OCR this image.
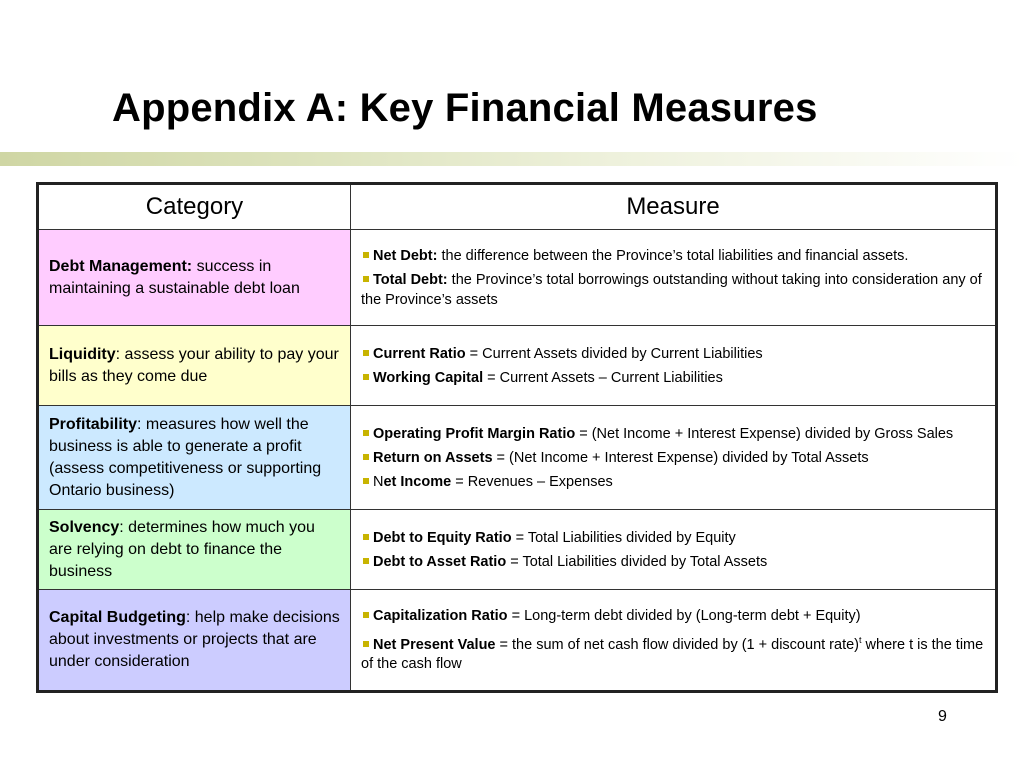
Appendix A: Key Financial Measures
Category	Measure
Debt Management: success in maintaining a sustainable debt loan	Net Debt: the difference between the Province’s total liabilities and financial assets.
Total Debt: the Province’s total borrowings outstanding without taking into consideration any of the Province’s assets

Liquidity: assess your ability to pay your bills as they come due	Current Ratio = Current Assets divided by Current Liabilities
Working Capital = Current Assets – Current Liabilities

Profitability: measures how well the business is able to generate a profit (assess competitiveness or supporting Ontario business)	Operating Profit Margin Ratio = (Net Income + Interest Expense) divided by Gross Sales
Return on Assets = (Net Income + Interest Expense) divided by Total Assets
Net Income = Revenues – Expenses

Solvency: determines how much you are relying on debt to finance the business	Debt to Equity Ratio = Total Liabilities divided by Equity
Debt to Asset Ratio = Total Liabilities divided by Total Assets

Capital Budgeting: help make decisions about investments or projects that are under consideration	Capitalization Ratio = Long-term debt divided by (Long-term debt + Equity)
Net Present Value = the sum of net cash flow divided by (1 + discount rate)$^t$ where t is the time of the cash flow
9
